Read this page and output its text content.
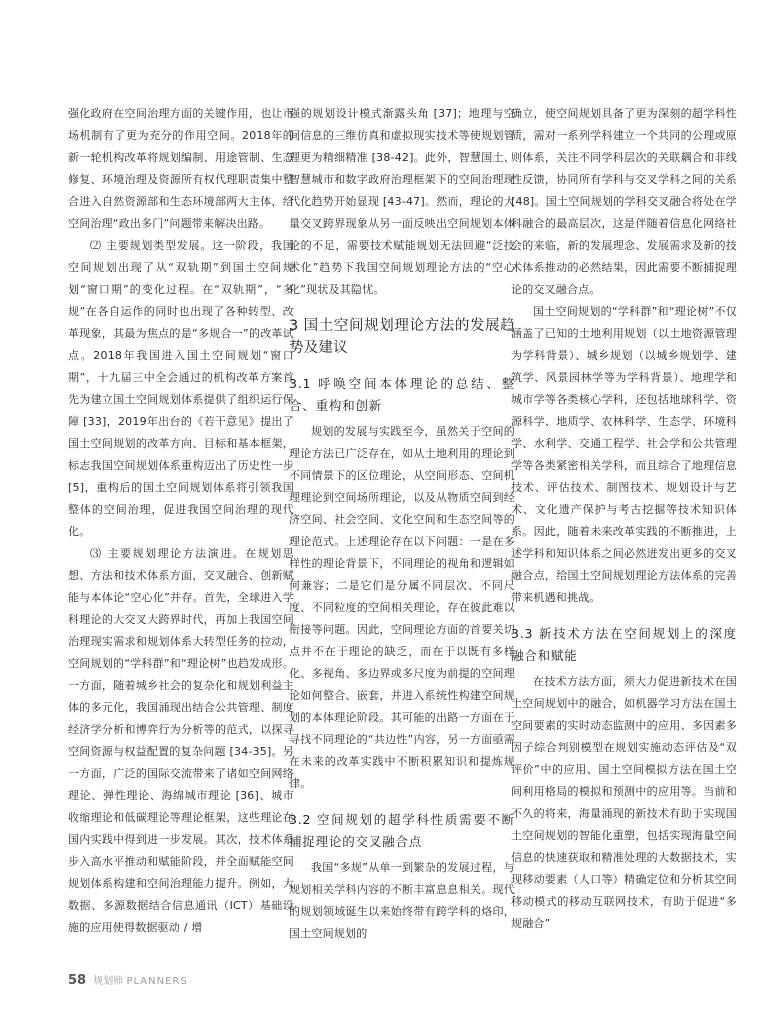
强化政府在空间治理方面的关键作用，也让市场机制有了更为充分的作用空间。2018年的新一轮机构改革将规划编制、用途管制、生态修复、环境治理及资源所有权代理职责集中整合进入自然资源部和生态环境部两大主体，给空间治理“政出多门”问题带来解决出路。

⑵ 主要规划类型发展。这一阶段，我国空间规划出现了从“双轨期”到国土空间规划“窗口期”的变化过程。在“双轨期”，“多规”在各自运作的同时也出现了各种转型、改革现象，其最为焦点的是“多规合一”的改革试点。2018年我国进入国土空间规划“窗口期”，十九届三中全会通过的机构改革方案首先为建立国土空间规划体系提供了组织运行保障 [33]，2019年出台的《若干意见》提出了国土空间规划的改革方向、目标和基本框架，标志我国空间规划体系重构迈出了历史性一步 [5]，重构后的国土空间规划体系将引领我国整体的空间治理，促进我国空间治理的现代化。

⑶ 主要规划理论方法演进。在规划思想、方法和技术体系方面，交叉融合、创新赋能与本体论“空心化”并存。首先，全球进入学科理论的大交叉大跨界时代，再加上我国空间治理现实需求和规划体系大转型任务的拉动，空间规划的“学科群”和“理论树”也趋发成形。一方面，随着城乡社会的复杂化和规划利益主体的多元化，我国涌现出结合公共管理、制度经济学分析和博弈行为分析等的范式，以探寻空间资源与权益配置的复杂问题 [34-35]。另一方面，广泛的国际交流带来了诸如空间网络理论、弹性理论、海绵城市理论 [36]、城市收缩理论和低碳理论等理论框架，这些理论在国内实践中得到进一步发展。其次，技术体系步入高水平推动和赋能阶段，并全面赋能空间规划体系构建和空间治理能力提升。例如，大数据、多源数据结合信息通讯（ICT）基础设施的应用使得数据驱动 / 增

强的规划设计模式渐露头角 [37]；地理与空间信息的三维仿真和虚拟现实技术等使规划管理更为精细精准 [38-42]。此外，智慧国土、智慧城市和数字政府治理框架下的空间治理现代化趋势开始显现 [43-47]。然而，理论的大量交叉跨界现象从另一面反映出空间规划本体论的不足，需要技术赋能规划无法回避“泛技术化”趋势下我国空间规划理论方法的“空心化”现状及其隐忧。

3 国土空间规划理论方法的发展趋势及建议
3.1 呼唤空间本体理论的总结、整合、重构和创新

规划的发展与实践至今，虽然关于空间的理论方法已广泛存在，如从土地利用的理论到不同情景下的区位理论，从空间形态、空间机理理论到空间场所理论，以及从物质空间到经济空间、社会空间、文化空间和生态空间等的理论范式。上述理论存在以下问题：一是在多样性的理论背景下，不同理论的视角和逻辑如何兼容；二是它们是分属不同层次、不同尺度、不同粒度的空间相关理论，存在彼此难以衔接等问题。因此，空间理论方面的首要关切点并不在于理论的缺乏，而在于以既有多样化、多视角、多边界或多尺度为前提的空间理论如何整合、嵌套，并进入系统性构建空间规划的本体理论阶段。其可能的出路一方面在于寻找不同理论的“共边性”内容，另一方面亟需在未来的改革实践中不断积累知识和提炼规律。

3.2 空间规划的超学科性质需要不断捕捉理论的交叉融合点

我国“多规”从单一到繁杂的发展过程，与规划相关学科内容的不断丰富息息相关。现代的规划领域诞生以来始终带有跨学科的烙印，国土空间规划的

确立，使空间规划具备了更为深刻的超学科性质，需对一系列学科建立一个共同的公理或原则体系，关注不同学科层次的关联耦合和非线性反馈，协同所有学科与交叉学科之间的关系 [48]。国土空间规划的学科交叉融合将处在学科融合的最高层次，这是伴随着信息化网络社会的来临，新的发展理念、发展需求及新的技术体系推动的必然结果，因此需要不断捕捉理论的交叉融合点。

国土空间规划的“学科群”和“理论树”不仅涵盖了已知的土地利用规划（以土地资源管理为学科背景）、城乡规划（以城乡规划学、建筑学、风景园林学等为学科背景）、地理学和城市学等各类核心学科，还包括地球科学、资源科学、地质学、农林科学、生态学、环境科学、水利学、交通工程学、社会学和公共管理学等各类紧密相关学科，而且综合了地理信息技术、评估技术、制图技术、规划设计与艺术、文化遗产保护与考古挖掘等技术知识体系。因此，随着未来改革实践的不断推进，上述学科和知识体系之间必然迸发出更多的交叉融合点，给国土空间规划理论方法体系的完善带来机遇和挑战。

3.3 新技术方法在空间规划上的深度融合和赋能

在技术方法方面，须大力促进新技术在国土空间规划中的融合，如机器学习方法在国土空间要素的实时动态监测中的应用、多因素多因子综合判别模型在规划实施动态评估及“双评价”中的应用、国土空间模拟方法在国土空间利用格局的模拟和预测中的应用等。当前和不久的将来，海量涌现的新技术有助于实现国土空间规划的智能化重塑，包括实现海量空间信息的快速获取和精准处理的大数据技术，实现移动要素（人口等）精确定位和分析其空间移动模式的移动互联网技术，有助于促进“多规融合”

58 规划师 PLANNERS
